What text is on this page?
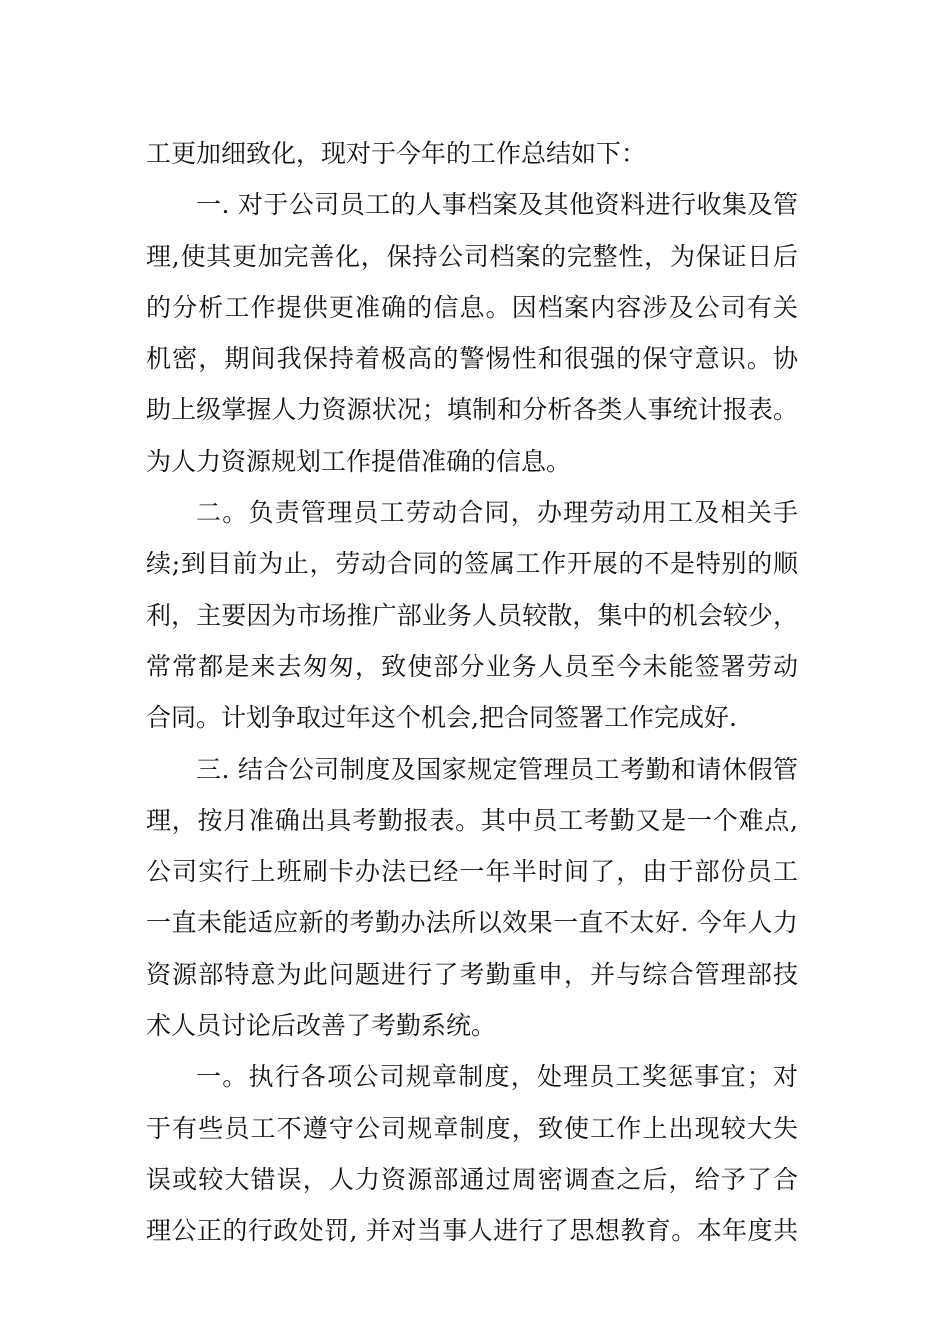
工更加细致化，现对于今年的工作总结如下：
一. 对于公司员工的人事档案及其他资料进行收集及管
理,使其更加完善化，保持公司档案的完整性，为保证日后
的分析工作提供更准确的信息。因档案内容涉及公司有关
机密，期间我保持着极高的警惕性和很强的保守意识。协
助上级掌握人力资源状况；填制和分析各类人事统计报表。
为人力资源规划工作提借准确的信息。
二。负责管理员工劳动合同，办理劳动用工及相关手
续;到目前为止，劳动合同的签属工作开展的不是特别的顺
利，主要因为市场推广部业务人员较散，集中的机会较少，
常常都是来去匆匆，致使部分业务人员至今未能签署劳动
合同。计划争取过年这个机会,把合同签署工作完成好.
三. 结合公司制度及国家规定管理员工考勤和请休假管
理，按月准确出具考勤报表。其中员工考勤又是一个难点,
公司实行上班刷卡办法已经一年半时间了，由于部份员工
一直未能适应新的考勤办法所以效果一直不太好. 今年人力
资源部特意为此问题进行了考勤重申，并与综合管理部技
术人员讨论后改善了考勤系统。
一。执行各项公司规章制度，处理员工奖惩事宜；对
于有些员工不遵守公司规章制度，致使工作上出现较大失
误或较大错误，人力资源部通过周密调查之后，给予了合
理公正的行政处罚, 并对当事人进行了思想教育。本年度共
